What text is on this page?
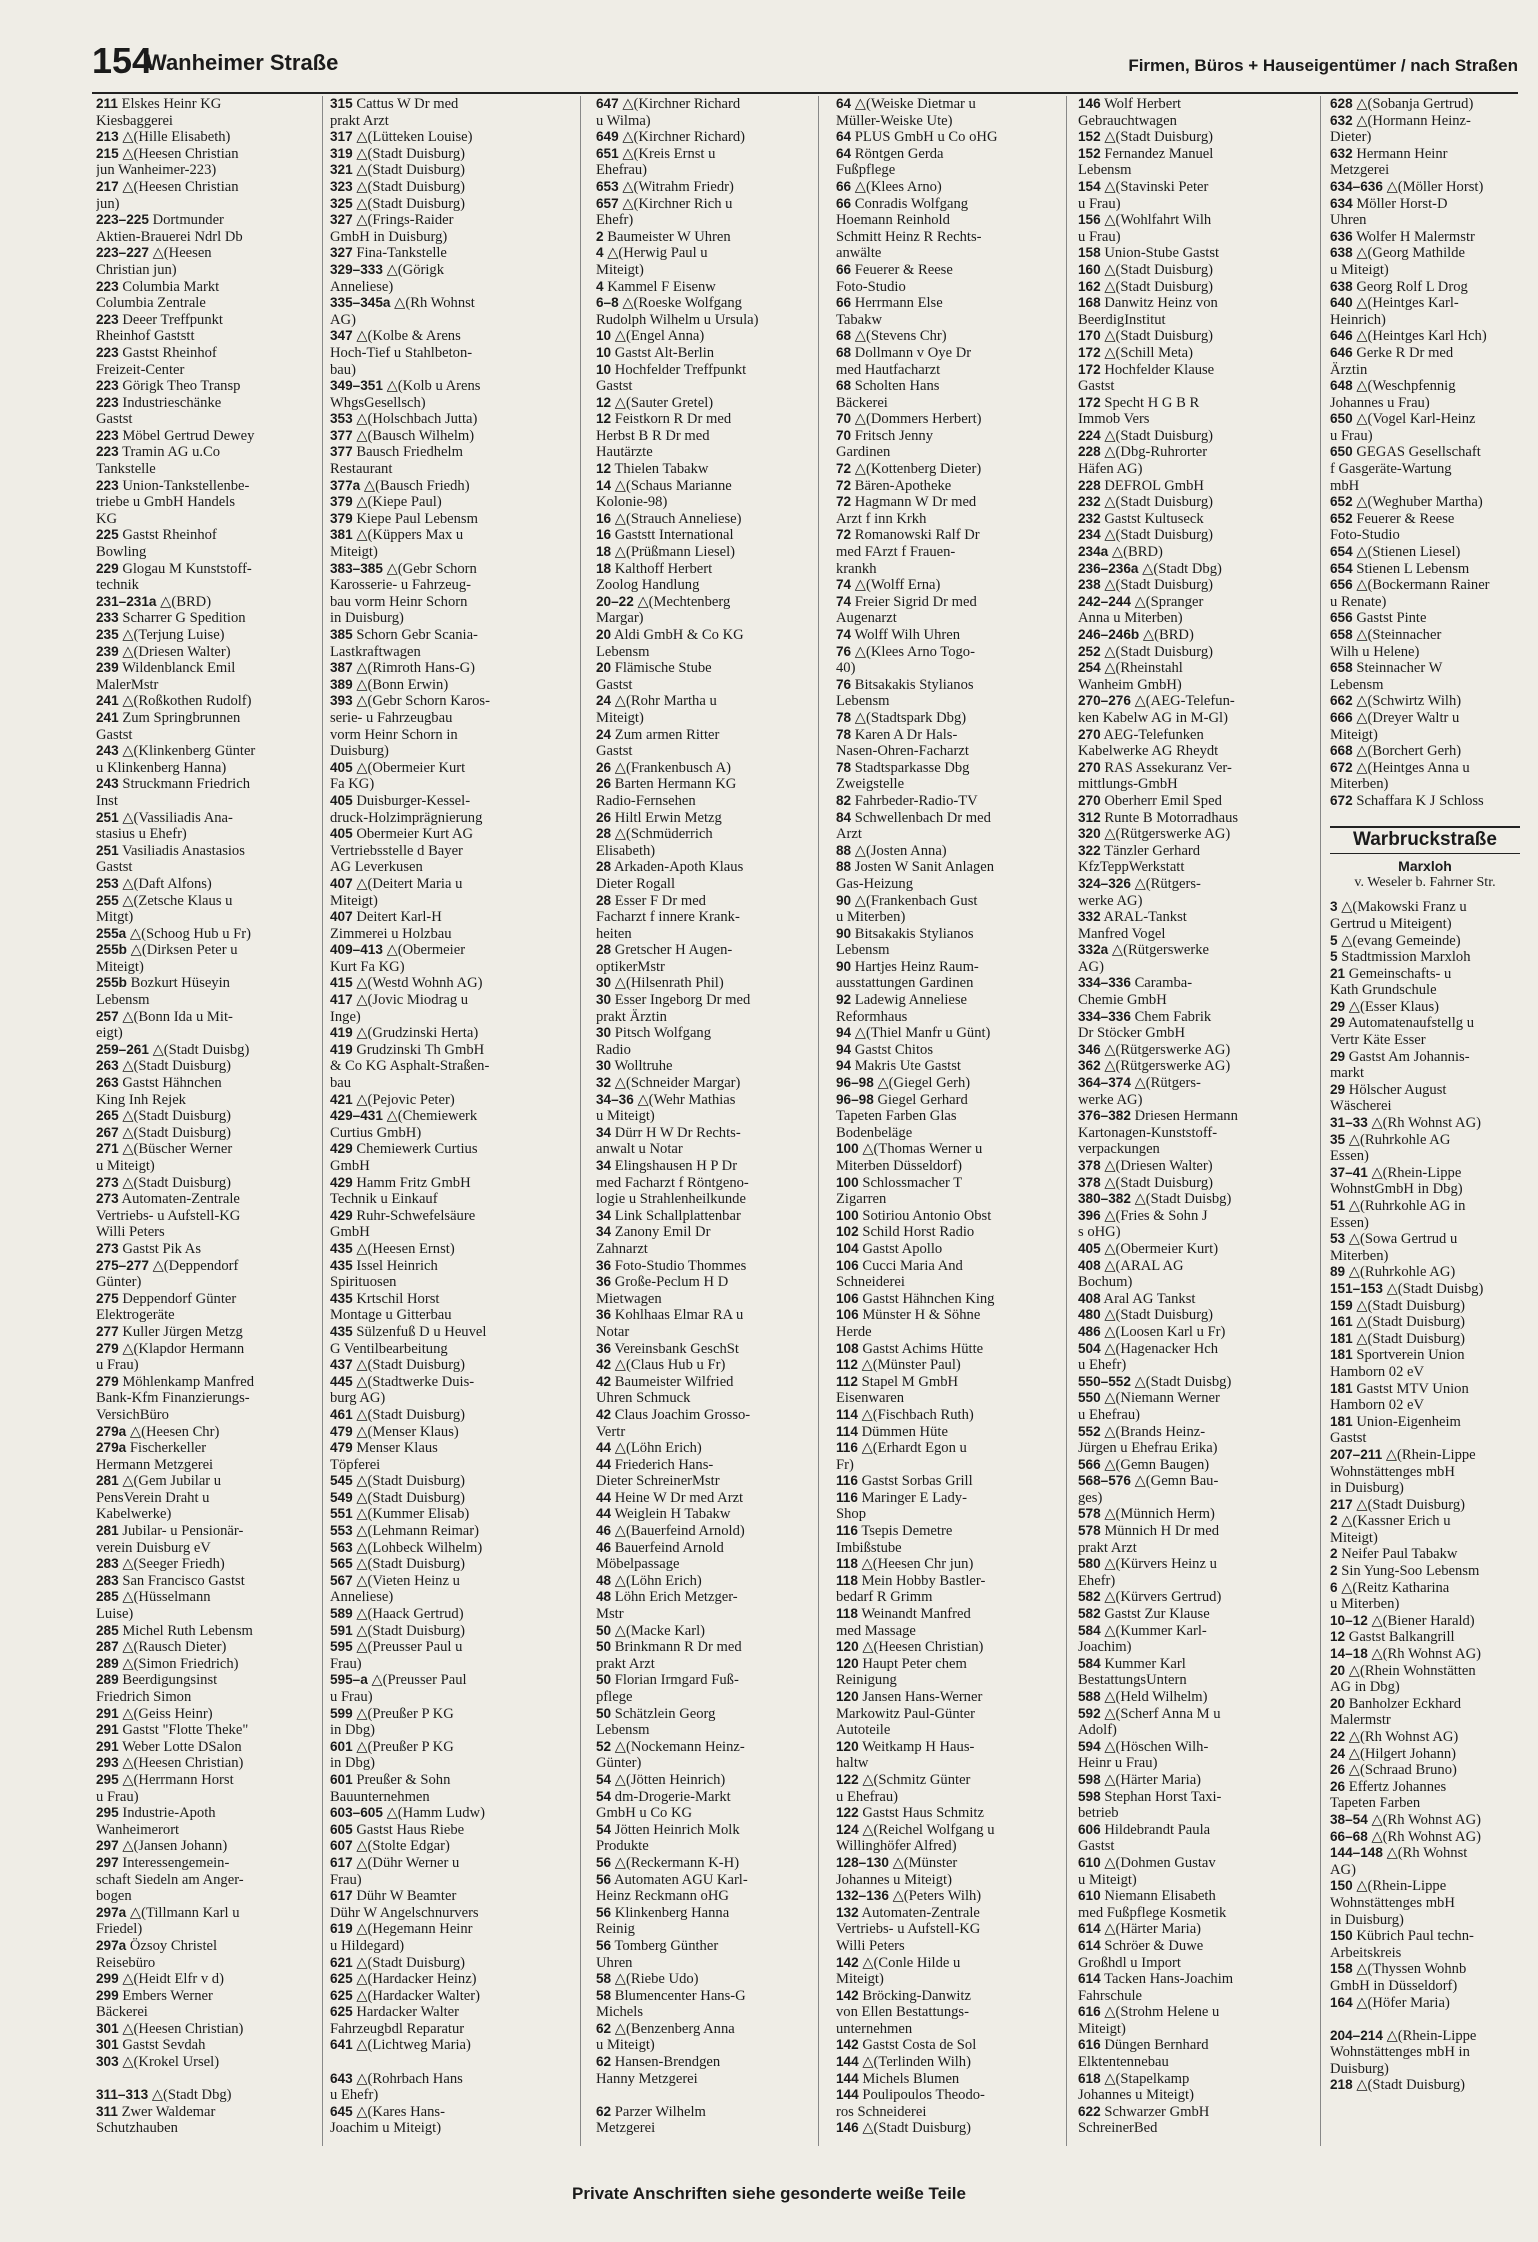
154
Wanheimer Straße	Firmen, Büros + Hauseigentümer / nach Straßen

211 Elskes Heinr KG

Kiesbaggerei

213 △(Hille Elisabeth)

215 △(Heesen Christian

jun Wanheimer-223)

217 △(Heesen Christian

jun)

223–225 Dortmunder

Aktien-Brauerei Ndrl Db

223–227 △(Heesen

Christian jun)

223 Columbia Markt

Columbia Zentrale

223 Deeer Treffpunkt

Rheinhof Gaststt

223 Gastst Rheinhof

Freizeit-Center

223 Görigk Theo Transp

223 Industrieschänke

Gastst

223 Möbel Gertrud Dewey

223 Tramin AG u.Co

Tankstelle

223 Union-Tankstellenbe-

triebe u GmbH Handels

KG

225 Gastst Rheinhof

Bowling

229 Glogau M Kunststoff-

technik

231–231a △(BRD)

233 Scharrer G Spedition

235 △(Terjung Luise)

239 △(Driesen Walter)

239 Wildenblanck Emil

MalerMstr

241 △(Roßkothen Rudolf)

241 Zum Springbrunnen

Gastst

243 △(Klinkenberg Günter

u Klinkenberg Hanna)

243 Struckmann Friedrich

Inst

251 △(Vassiliadis Ana-

stasius u Ehefr)

251 Vasiliadis Anastasios

Gastst

253 △(Daft Alfons)

255 △(Zetsche Klaus u

Mitgt)

255a △(Schoog Hub u Fr)

255b △(Dirksen Peter u

Miteigt)

255b Bozkurt Hüseyin

Lebensm

257 △(Bonn Ida u Mit-

eigt)

259–261 △(Stadt Duisbg)

263 △(Stadt Duisburg)

263 Gastst Hähnchen

King Inh Rejek

265 △(Stadt Duisburg)

267 △(Stadt Duisburg)

271 △(Büscher Werner

u Miteigt)

273 △(Stadt Duisburg)

273 Automaten-Zentrale

Vertriebs- u Aufstell-KG

Willi Peters

273 Gastst Pik As

275–277 △(Deppendorf

Günter)

275 Deppendorf Günter

Elektrogeräte

277 Kuller Jürgen Metzg

279 △(Klapdor Hermann

u Frau)

279 Möhlenkamp Manfred

Bank-Kfm Finanzierungs-

VersichBüro

279a △(Heesen Chr)

279a Fischerkeller

Hermann Metzgerei

281 △(Gem Jubilar u

PensVerein Draht u

Kabelwerke)

281 Jubilar- u Pensionär-

verein Duisburg eV

283 △(Seeger Friedh)

283 San Francisco Gastst

285 △(Hüsselmann

Luise)

285 Michel Ruth Lebensm

287 △(Rausch Dieter)

289 △(Simon Friedrich)

289 Beerdigungsinst

Friedrich Simon

291 △(Geiss Heinr)

291 Gastst "Flotte Theke"

291 Weber Lotte DSalon

293 △(Heesen Christian)

295 △(Herrmann Horst

u Frau)

295 Industrie-Apoth

Wanheimerort

297 △(Jansen Johann)

297 Interessengemein-

schaft Siedeln am Anger-

bogen

297a △(Tillmann Karl u

Friedel)

297a Özsoy Christel

Reisebüro

299 △(Heidt Elfr v d)

299 Embers Werner

Bäckerei

301 △(Heesen Christian)

301 Gastst Sevdah

303 △(Krokel Ursel)

311–313 △(Stadt Dbg)

311 Zwer Waldemar

Schutzhauben

315 Cattus W Dr med

prakt Arzt

317 △(Lütteken Louise)

319 △(Stadt Duisburg)

321 △(Stadt Duisburg)

323 △(Stadt Duisburg)

325 △(Stadt Duisburg)

327 △(Frings-Raider

GmbH in Duisburg)

327 Fina-Tankstelle

329–333 △(Görigk

Anneliese)

335–345a △(Rh Wohnst

AG)

347 △(Kolbe & Arens

Hoch-Tief u Stahlbeton-

bau)

349–351 △(Kolb u Arens

WhgsGesellsch)

353 △(Holschbach Jutta)

377 △(Bausch Wilhelm)

377 Bausch Friedhelm

Restaurant

377a △(Bausch Friedh)

379 △(Kiepe Paul)

379 Kiepe Paul Lebensm

381 △(Küppers Max u

Miteigt)

383–385 △(Gebr Schorn

Karosserie- u Fahrzeug-

bau vorm Heinr Schorn

in Duisburg)

385 Schorn Gebr Scania-

Lastkraftwagen

387 △(Rimroth Hans-G)

389 △(Bonn Erwin)

393 △(Gebr Schorn Karos-

serie- u Fahrzeugbau

vorm Heinr Schorn in

Duisburg)

405 △(Obermeier Kurt

Fa KG)

405 Duisburger-Kessel-

druck-Holzimprägnierung

405 Obermeier Kurt AG

Vertriebsstelle d Bayer

AG Leverkusen

407 △(Deitert Maria u

Miteigt)

407 Deitert Karl-H

Zimmerei u Holzbau

409–413 △(Obermeier

Kurt Fa KG)

415 △(Westd Wohnh AG)

417 △(Jovic Miodrag u

Inge)

419 △(Grudzinski Herta)

419 Grudzinski Th GmbH

& Co KG Asphalt-Straßen-

bau

421 △(Pejovic Peter)

429–431 △(Chemiewerk

Curtius GmbH)

429 Chemiewerk Curtius

GmbH

429 Hamm Fritz GmbH

Technik u Einkauf

429 Ruhr-Schwefelsäure

GmbH

435 △(Heesen Ernst)

435 Issel Heinrich

Spirituosen

435 Krtschil Horst

Montage u Gitterbau

435 Sülzenfuß D u Heuvel

G Ventilbearbeitung

437 △(Stadt Duisburg)

445 △(Stadtwerke Duis-

burg AG)

461 △(Stadt Duisburg)

479 △(Menser Klaus)

479 Menser Klaus

Töpferei

545 △(Stadt Duisburg)

549 △(Stadt Duisburg)

551 △(Kummer Elisab)

553 △(Lehmann Reimar)

563 △(Lohbeck Wilhelm)

565 △(Stadt Duisburg)

567 △(Vieten Heinz u

Anneliese)

589 △(Haack Gertrud)

591 △(Stadt Duisburg)

595 △(Preusser Paul u

Frau)

595–a △(Preusser Paul

u Frau)

599 △(Preußer P KG

in Dbg)

601 △(Preußer P KG

in Dbg)

601 Preußer & Sohn

Bauunternehmen

603–605 △(Hamm Ludw)

605 Gastst Haus Riebe

607 △(Stolte Edgar)

617 △(Dühr Werner u

Frau)

617 Dühr W Beamter

Dühr W Angelschnurvers

619 △(Hegemann Heinr

u Hildegard)

621 △(Stadt Duisburg)

625 △(Hardacker Heinz)

625 △(Hardacker Walter)

625 Hardacker Walter

Fahrzeugbdl Reparatur

641 △(Lichtweg Maria)

643 △(Rohrbach Hans

u Ehefr)

645 △(Kares Hans-

Joachim u Miteigt)

647 △(Kirchner Richard

u Wilma)

649 △(Kirchner Richard)

651 △(Kreis Ernst u

Ehefrau)

653 △(Witrahm Friedr)

657 △(Kirchner Rich u

Ehefr)

2 Baumeister W Uhren

4 △(Herwig Paul u

Miteigt)

4 Kammel F Eisenw

6–8 △(Roeske Wolfgang

Rudolph Wilhelm u Ursula)

10 △(Engel Anna)

10 Gastst Alt-Berlin

10 Hochfelder Treffpunkt

Gastst

12 △(Sauter Gretel)

12 Feistkorn R Dr med

Herbst B R Dr med

Hautärzte

12 Thielen Tabakw

14 △(Schaus Marianne

Kolonie-98)

16 △(Strauch Anneliese)

16 Gaststt International

18 △(Prüßmann Liesel)

18 Kalthoff Herbert

Zoolog Handlung

20–22 △(Mechtenberg

Margar)

20 Aldi GmbH & Co KG

Lebensm

20 Flämische Stube

Gastst

24 △(Rohr Martha u

Miteigt)

24 Zum armen Ritter

Gastst

26 △(Frankenbusch A)

26 Barten Hermann KG

Radio-Fernsehen

26 Hiltl Erwin Metzg

28 △(Schmüderrich

Elisabeth)

28 Arkaden-Apoth Klaus

Dieter Rogall

28 Esser F Dr med

Facharzt f innere Krank-

heiten

28 Gretscher H Augen-

optikerMstr

30 △(Hilsenrath Phil)

30 Esser Ingeborg Dr med

prakt Ärztin

30 Pitsch Wolfgang

Radio

30 Wolltruhe

32 △(Schneider Margar)

34–36 △(Wehr Mathias

u Miteigt)

34 Dürr H W Dr Rechts-

anwalt u Notar

34 Elingshausen H P Dr

med Facharzt f Röntgeno-

logie u Strahlenheilkunde

34 Link Schallplattenbar

34 Zanony Emil Dr

Zahnarzt

36 Foto-Studio Thommes

36 Große-Peclum H D

Mietwagen

36 Kohlhaas Elmar RA u

Notar

36 Vereinsbank GeschSt

42 △(Claus Hub u Fr)

42 Baumeister Wilfried

Uhren Schmuck

42 Claus Joachim Grosso-

Vertr

44 △(Löhn Erich)

44 Friederich Hans-

Dieter SchreinerMstr

44 Heine W Dr med Arzt

44 Weiglein H Tabakw

46 △(Bauerfeind Arnold)

46 Bauerfeind Arnold

Möbelpassage

48 △(Löhn Erich)

48 Löhn Erich Metzger-

Mstr

50 △(Macke Karl)

50 Brinkmann R Dr med

prakt Arzt

50 Florian Irmgard Fuß-

pflege

50 Schätzlein Georg

Lebensm

52 △(Nockemann Heinz-

Günter)

54 △(Jötten Heinrich)

54 dm-Drogerie-Markt

GmbH u Co KG

54 Jötten Heinrich Molk

Produkte

56 △(Reckermann K-H)

56 Automaten AGU Karl-

Heinz Reckmann oHG

56 Klinkenberg Hanna

Reinig

56 Tomberg Günther

Uhren

58 △(Riebe Udo)

58 Blumencenter Hans-G

Michels

62 △(Benzenberg Anna

u Miteigt)

62 Hansen-Brendgen

Hanny Metzgerei

62 Parzer Wilhelm

Metzgerei

64 △(Weiske Dietmar u

Müller-Weiske Ute)

64 PLUS GmbH u Co oHG

64 Röntgen Gerda

Fußpflege

66 △(Klees Arno)

66 Conradis Wolfgang

Hoemann Reinhold

Schmitt Heinz R Rechts-

anwälte

66 Feuerer & Reese

Foto-Studio

66 Herrmann Else

Tabakw

68 △(Stevens Chr)

68 Dollmann v Oye Dr

med Hautfacharzt

68 Scholten Hans

Bäckerei

70 △(Dommers Herbert)

70 Fritsch Jenny

Gardinen

72 △(Kottenberg Dieter)

72 Bären-Apotheke

72 Hagmann W Dr med

Arzt f inn Krkh

72 Romanowski Ralf Dr

med FArzt f Frauen-

krankh

74 △(Wolff Erna)

74 Freier Sigrid Dr med

Augenarzt

74 Wolff Wilh Uhren

76 △(Klees Arno Togo-

40)

76 Bitsakakis Stylianos

Lebensm

78 △(Stadtspark Dbg)

78 Karen A Dr Hals-

Nasen-Ohren-Facharzt

78 Stadtsparkasse Dbg

Zweigstelle

82 Fahrbeder-Radio-TV

84 Schwellenbach Dr med

Arzt

88 △(Josten Anna)

88 Josten W Sanit Anlagen

Gas-Heizung

90 △(Frankenbach Gust

u Miterben)

90 Bitsakakis Stylianos

Lebensm

90 Hartjes Heinz Raum-

ausstattungen Gardinen

92 Ladewig Anneliese

Reformhaus

94 △(Thiel Manfr u Günt)

94 Gastst Chitos

94 Makris Ute Gastst

96–98 △(Giegel Gerh)

96–98 Giegel Gerhard

Tapeten Farben Glas

Bodenbeläge

100 △(Thomas Werner u

Miterben Düsseldorf)

100 Schlossmacher T

Zigarren

100 Sotiriou Antonio Obst

102 Schild Horst Radio

104 Gastst Apollo

106 Cucci Maria And

Schneiderei

106 Gastst Hähnchen King

106 Münster H & Söhne

Herde

108 Gastst Achims Hütte

112 △(Münster Paul)

112 Stapel M GmbH

Eisenwaren

114 △(Fischbach Ruth)

114 Dümmen Hüte

116 △(Erhardt Egon u

Fr)

116 Gastst Sorbas Grill

116 Maringer E Lady-

Shop

116 Tsepis Demetre

Imbißstube

118 △(Heesen Chr jun)

118 Mein Hobby Bastler-

bedarf R Grimm

118 Weinandt Manfred

med Massage

120 △(Heesen Christian)

120 Haupt Peter chem

Reinigung

120 Jansen Hans-Werner

Markowitz Paul-Günter

Autoteile

120 Weitkamp H Haus-

haltw

122 △(Schmitz Günter

u Ehefrau)

122 Gastst Haus Schmitz

124 △(Reichel Wolfgang u

Willinghöfer Alfred)

128–130 △(Münster

Johannes u Miteigt)

132–136 △(Peters Wilh)

132 Automaten-Zentrale

Vertriebs- u Aufstell-KG

Willi Peters

142 △(Conle Hilde u

Miteigt)

142 Bröcking-Danwitz

von Ellen Bestattungs-

unternehmen

142 Gastst Costa de Sol

144 △(Terlinden Wilh)

144 Michels Blumen

144 Poulipoulos Theodo-

ros Schneiderei

146 △(Stadt Duisburg)

146 Wolf Herbert

Gebrauchtwagen

152 △(Stadt Duisburg)

152 Fernandez Manuel

Lebensm

154 △(Stavinski Peter

u Frau)

156 △(Wohlfahrt Wilh

u Frau)

158 Union-Stube Gastst

160 △(Stadt Duisburg)

162 △(Stadt Duisburg)

168 Danwitz Heinz von

BeerdigInstitut

170 △(Stadt Duisburg)

172 △(Schill Meta)

172 Hochfelder Klause

Gastst

172 Specht H G B R

Immob Vers

224 △(Stadt Duisburg)

228 △(Dbg-Ruhrorter

Häfen AG)

228 DEFROL GmbH

232 △(Stadt Duisburg)

232 Gastst Kultuseck

234 △(Stadt Duisburg)

234a △(BRD)

236–236a △(Stadt Dbg)

238 △(Stadt Duisburg)

242–244 △(Spranger

Anna u Miterben)

246–246b △(BRD)

252 △(Stadt Duisburg)

254 △(Rheinstahl

Wanheim GmbH)

270–276 △(AEG-Telefun-

ken Kabelw AG in M-Gl)

270 AEG-Telefunken

Kabelwerke AG Rheydt

270 RAS Assekuranz Ver-

mittlungs-GmbH

270 Oberherr Emil Sped

312 Runte B Motorradhaus

320 △(Rütgerswerke AG)

322 Tänzler Gerhard

KfzTeppWerkstatt

324–326 △(Rütgers-

werke AG)

332 ARAL-Tankst

Manfred Vogel

332a △(Rütgerswerke

AG)

334–336 Caramba-

Chemie GmbH

334–336 Chem Fabrik

Dr Stöcker GmbH

346 △(Rütgerswerke AG)

362 △(Rütgerswerke AG)

364–374 △(Rütgers-

werke AG)

376–382 Driesen Hermann

Kartonagen-Kunststoff-

verpackungen

378 △(Driesen Walter)

378 △(Stadt Duisburg)

380–382 △(Stadt Duisbg)

396 △(Fries & Sohn J

s oHG)

405 △(Obermeier Kurt)

408 △(ARAL AG

Bochum)

408 Aral AG Tankst

480 △(Stadt Duisburg)

486 △(Loosen Karl u Fr)

504 △(Hagenacker Hch

u Ehefr)

550–552 △(Stadt Duisbg)

550 △(Niemann Werner

u Ehefrau)

552 △(Brands Heinz-

Jürgen u Ehefrau Erika)

566 △(Gemn Baugen)

568–576 △(Gemn Bau-

ges)

578 △(Münnich Herm)

578 Münnich H Dr med

prakt Arzt

580 △(Kürvers Heinz u

Ehefr)

582 △(Kürvers Gertrud)

582 Gastst Zur Klause

584 △(Kummer Karl-

Joachim)

584 Kummer Karl

BestattungsUntern

588 △(Held Wilhelm)

592 △(Scherf Anna M u

Adolf)

594 △(Höschen Wilh-

Heinr u Frau)

598 △(Härter Maria)

598 Stephan Horst Taxi-

betrieb

606 Hildebrandt Paula

Gastst

610 △(Dohmen Gustav

u Miteigt)

610 Niemann Elisabeth

med Fußpflege Kosmetik

614 △(Härter Maria)

614 Schröer & Duwe

Großhdl u Import

614 Tacken Hans-Joachim

Fahrschule

616 △(Strohm Helene u

Miteigt)

616 Düngen Bernhard

Elktentennebau

618 △(Stapelkamp

Johannes u Miteigt)

622 Schwarzer GmbH

SchreinerBed

628 △(Sobanja Gertrud)

632 △(Hormann Heinz-

Dieter)

632 Hermann Heinr

Metzgerei

634–636 △(Möller Horst)

634 Möller Horst-D

Uhren

636 Wolfer H Malermstr

638 △(Georg Mathilde

u Miteigt)

638 Georg Rolf L Drog

640 △(Heintges Karl-

Heinrich)

646 △(Heintges Karl Hch)

646 Gerke R Dr med

Ärztin

648 △(Weschpfennig

Johannes u Frau)

650 △(Vogel Karl-Heinz

u Frau)

650 GEGAS Gesellschaft

f Gasgeräte-Wartung

mbH

652 △(Weghuber Martha)

652 Feuerer & Reese

Foto-Studio

654 △(Stienen Liesel)

654 Stienen L Lebensm

656 △(Bockermann Rainer

u Renate)

656 Gastst Pinte

658 △(Steinnacher

Wilh u Helene)

658 Steinnacher W

Lebensm

662 △(Schwirtz Wilh)

666 △(Dreyer Waltr u

Miteigt)

668 △(Borchert Gerh)

672 △(Heintges Anna u

Miterben)

672 Schaffara K J Schloss

Warbruckstraße
Marxloh
v. Weseler b. Fahrner Str.

3 △(Makowski Franz u

Gertrud u Miteigent)

5 △(evang Gemeinde)

5 Stadtmission Marxloh

21 Gemeinschafts- u

Kath Grundschule

29 △(Esser Klaus)

29 Automatenaufstellg u

Vertr Käte Esser

29 Gastst Am Johannis-

markt

29 Hölscher August

Wäscherei

31–33 △(Rh Wohnst AG)

35 △(Ruhrkohle AG

Essen)

37–41 △(Rhein-Lippe

WohnstGmbH in Dbg)

51 △(Ruhrkohle AG in

Essen)

53 △(Sowa Gertrud u

Miterben)

89 △(Ruhrkohle AG)

151–153 △(Stadt Duisbg)

159 △(Stadt Duisburg)

161 △(Stadt Duisburg)

181 △(Stadt Duisburg)

181 Sportverein Union

Hamborn 02 eV

181 Gastst MTV Union

Hamborn 02 eV

181 Union-Eigenheim

Gastst

207–211 △(Rhein-Lippe

Wohnstättenges mbH

in Duisburg)

217 △(Stadt Duisburg)

2 △(Kassner Erich u

Miteigt)

2 Neifer Paul Tabakw

2 Sin Yung-Soo Lebensm

6 △(Reitz Katharina

u Miterben)

10–12 △(Biener Harald)

12 Gastst Balkangrill

14–18 △(Rh Wohnst AG)

20 △(Rhein Wohnstätten

AG in Dbg)

20 Banholzer Eckhard

Malermstr

22 △(Rh Wohnst AG)

24 △(Hilgert Johann)

26 △(Schraad Bruno)

26 Effertz Johannes

Tapeten Farben

38–54 △(Rh Wohnst AG)

66–68 △(Rh Wohnst AG)

144–148 △(Rh Wohnst

AG)

150 △(Rhein-Lippe

Wohnstättenges mbH

in Duisburg)

150 Kübrich Paul techn-

Arbeitskreis

158 △(Thyssen Wohnb

GmbH in Düsseldorf)

164 △(Höfer Maria)

204–214 △(Rhein-Lippe

Wohnstättenges mbH in

Duisburg)

218 △(Stadt Duisburg)

Private Anschriften siehe gesonderte weiße Teile
